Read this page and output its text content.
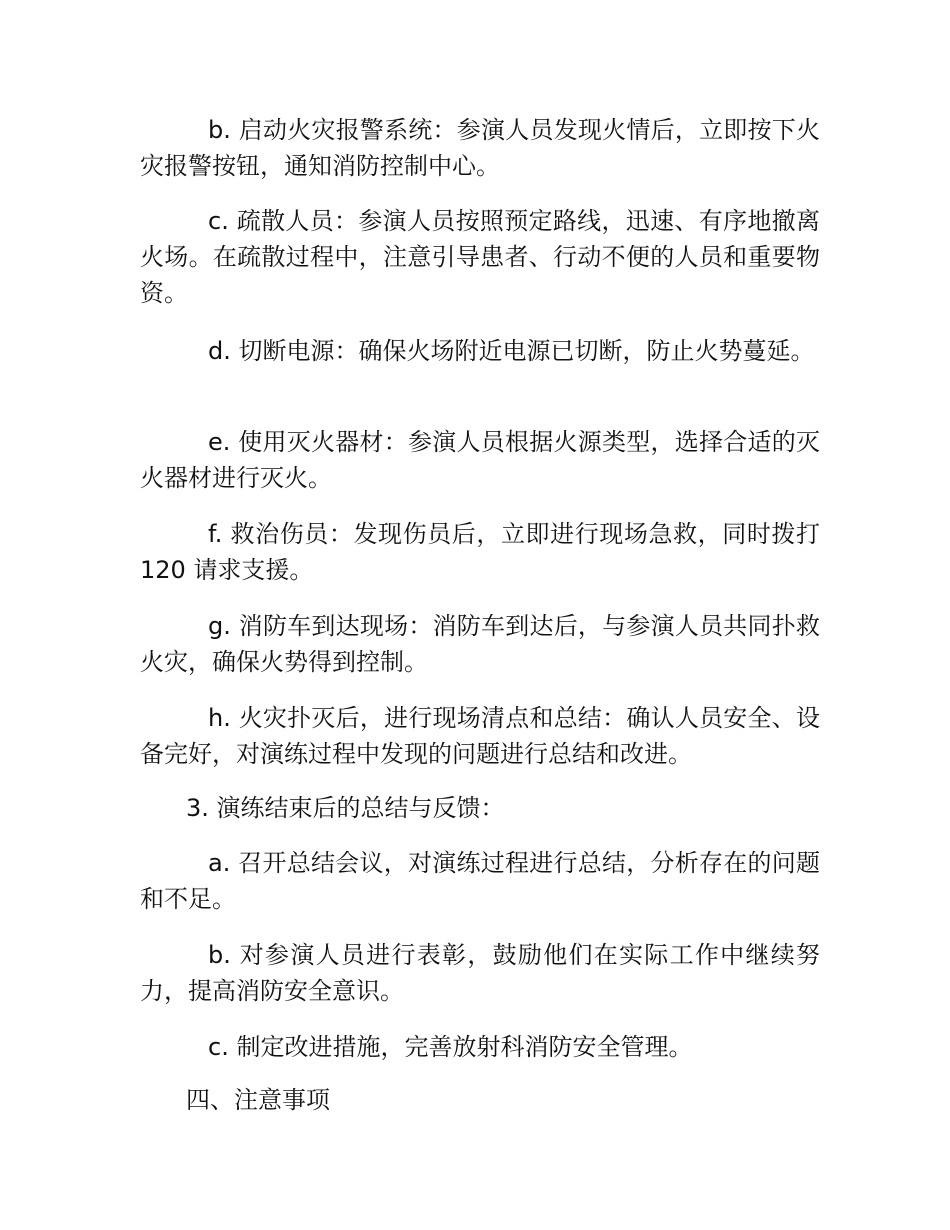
b. 启动火灾报警系统：参演人员发现火情后，立即按下火灾报警按钮，通知消防控制中心。

c. 疏散人员：参演人员按照预定路线，迅速、有序地撤离火场。在疏散过程中，注意引导患者、行动不便的人员和重要物资。

d. 切断电源：确保火场附近电源已切断，防止火势蔓延。

e. 使用灭火器材：参演人员根据火源类型，选择合适的灭火器材进行灭火。

f. 救治伤员：发现伤员后，立即进行现场急救，同时拨打 120 请求支援。

g. 消防车到达现场：消防车到达后，与参演人员共同扑救火灾，确保火势得到控制。

h. 火灾扑灭后，进行现场清点和总结：确认人员安全、设备完好，对演练过程中发现的问题进行总结和改进。

3. 演练结束后的总结与反馈：

a. 召开总结会议，对演练过程进行总结，分析存在的问题和不足。

b. 对参演人员进行表彰，鼓励他们在实际工作中继续努力，提高消防安全意识。

c. 制定改进措施，完善放射科消防安全管理。

四、注意事项
